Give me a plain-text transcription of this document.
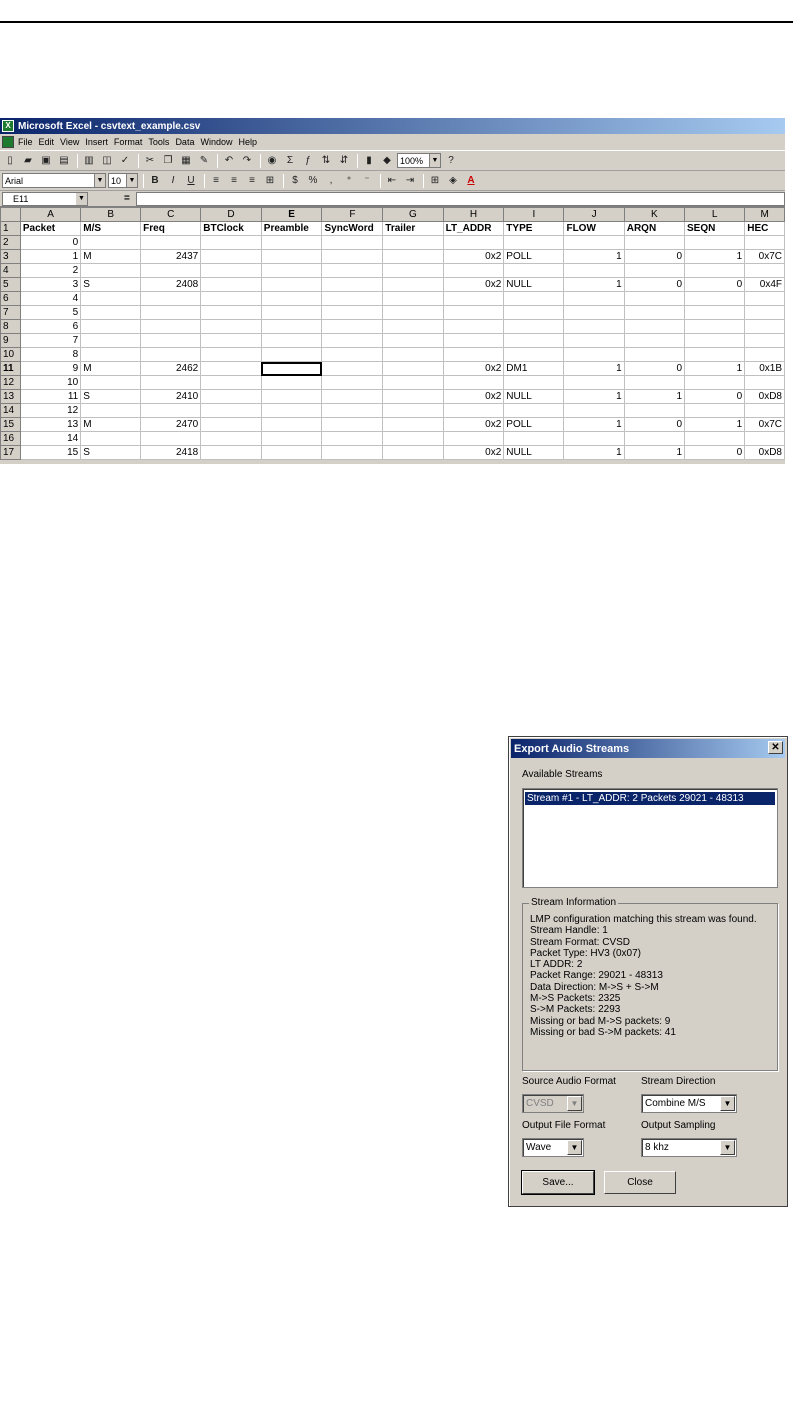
X Microsoft Excel - csvtext_example.csv
File Edit View Insert Format Tools Data Window Help
▯	▰ ▣ ▤	▥ ◫ ✓	✂ ❐ ▦ ✎	↶ ↷	◉	Σ	ƒ	⇅ ⇵	▮	◆	100%	▼ ?
Arial	▼ 10	▼	B	I	U	≡	≡	≡	⊞	$	%	,	⁺	⁻	⇤ ⇥	⊞ ◈	A
E11	▼	=
	A	B	C	D	E	F	G	H	I	J	K	L	M
1	Packet	M/S	Freq	BTClock	Preamble	SyncWord	Trailer	LT_ADDR	TYPE	FLOW	ARQN	SEQN	HEC
2	0												
3	1	M	2437					0x2	POLL	1	0	1	0x7C
4	2												
5	3	S	2408					0x2	NULL	1	0	0	0x4F
6	4												
7	5												
8	6												
9	7												
10	8												
11	9	M	2462					0x2	DM1	1	0	1	0x1B
12	10												
13	11	S	2410					0x2	NULL	1	1	0	0xD8
14	12												
15	13	M	2470					0x2	POLL	1	0	1	0x7C
16	14												
17	15	S	2418					0x2	NULL	1	1	0	0xD8
Export Audio Streams	✕
Available Streams
Stream #1 - LT_ADDR: 2 Packets 29021 - 48313
Stream Information
LMP configuration matching this stream was found.
Stream Handle: 1
Stream Format: CVSD
Packet Type: HV3 (0x07)
LT ADDR: 2
Packet Range: 29021 - 48313
Data Direction: M->S + S->M
M->S Packets: 2325
S->M Packets: 2293
Missing or bad M->S packets: 9
Missing or bad S->M packets: 41
Source Audio Format	Stream Direction
CVSD	▼	Combine M/S	▼
Output File Format	Output Sampling
Wave	▼	8 khz	▼
Save...	Close
